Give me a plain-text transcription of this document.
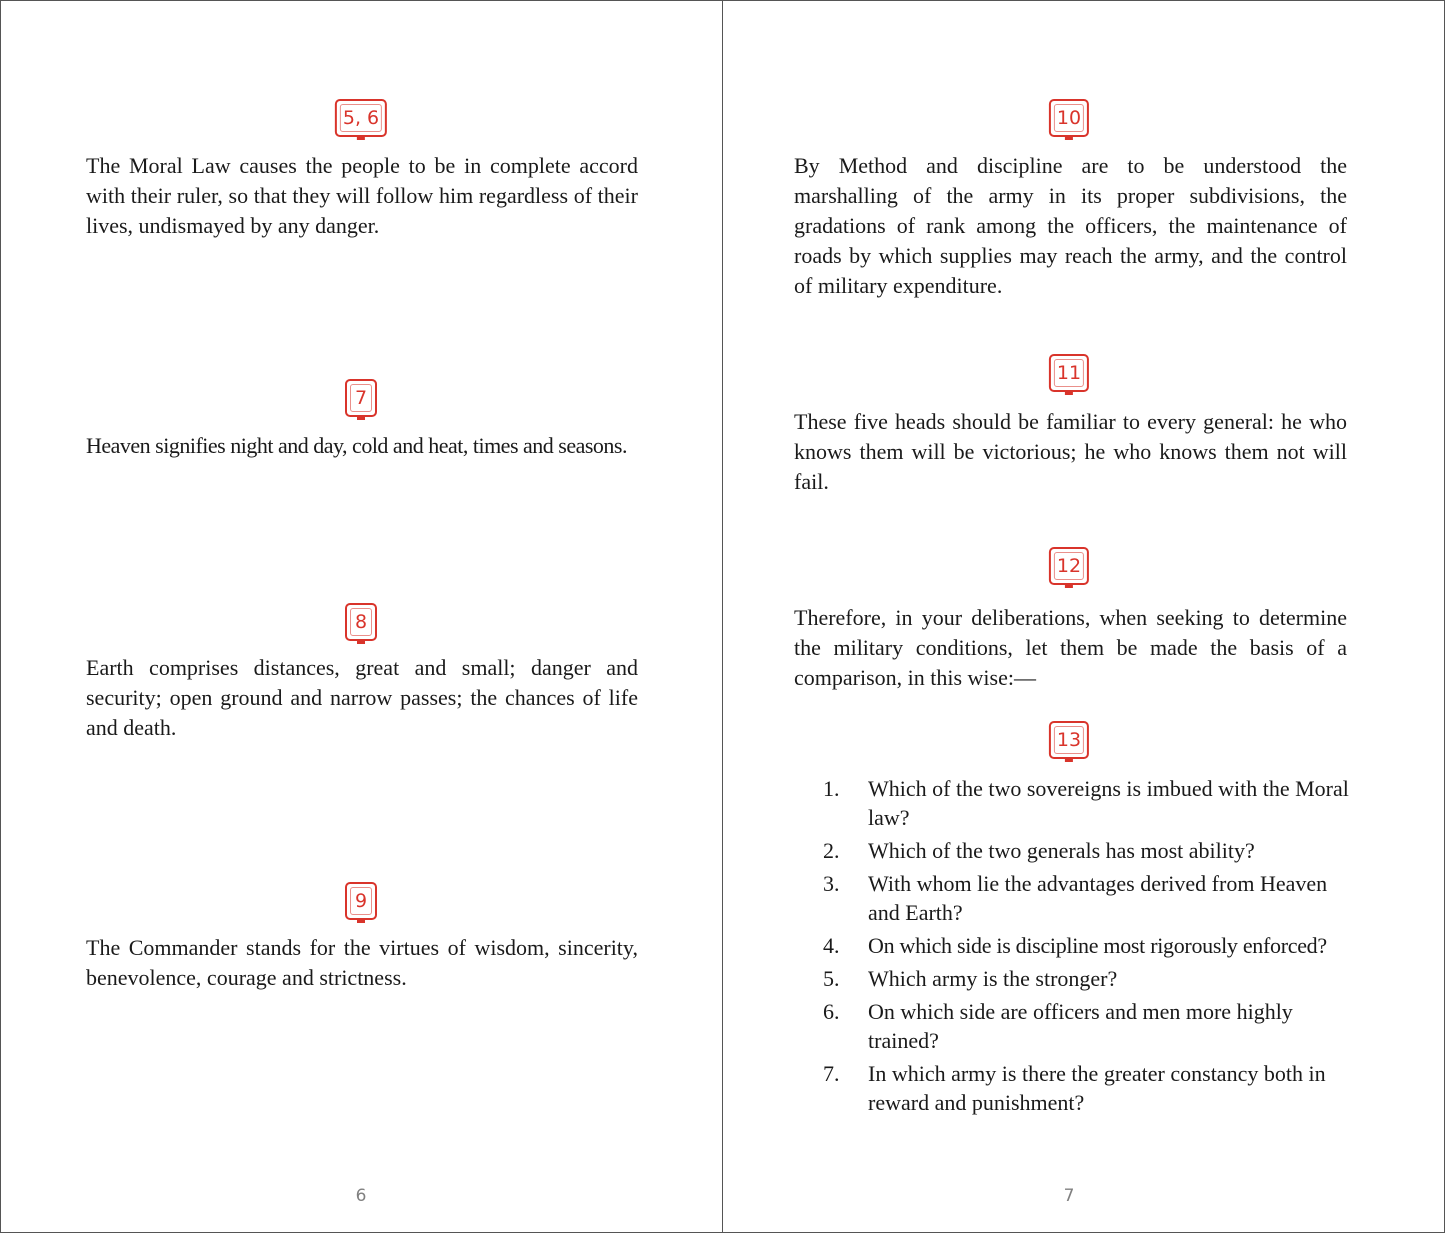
5, 6

The Moral Law causes the people to be in complete accord with their ruler, so that they will follow him regardless of their lives, undismayed by any danger.

7

Heaven signifies night and day, cold and heat, times and seasons.

8

Earth comprises distances, great and small; danger and security; open ground and narrow passes; the chances of life and death.

9

The Commander stands for the virtues of wisdom, sincerity, benevolence, courage and strictness.

6
10

By Method and discipline are to be understood the marshalling of the army in its proper subdivisions, the gradations of rank among the officers, the maintenance of roads by which supplies may reach the army, and the control of military expenditure.

11

These five heads should be familiar to every general: he who knows them will be victorious; he who knows them not will fail.

12

Therefore, in your deliberations, when seeking to determine the military conditions, let them be made the basis of a comparison, in this wise:—

13
1. Which of the two sovereigns is imbued with the Moral law?
2. Which of the two generals has most ability?
3. With whom lie the advantages derived from Heaven and Earth?
4. On which side is discipline most rigorously enforced?
5. Which army is the stronger?
6. On which side are officers and men more highly trained?
7. In which army is there the greater constancy both in reward and punishment?
7
